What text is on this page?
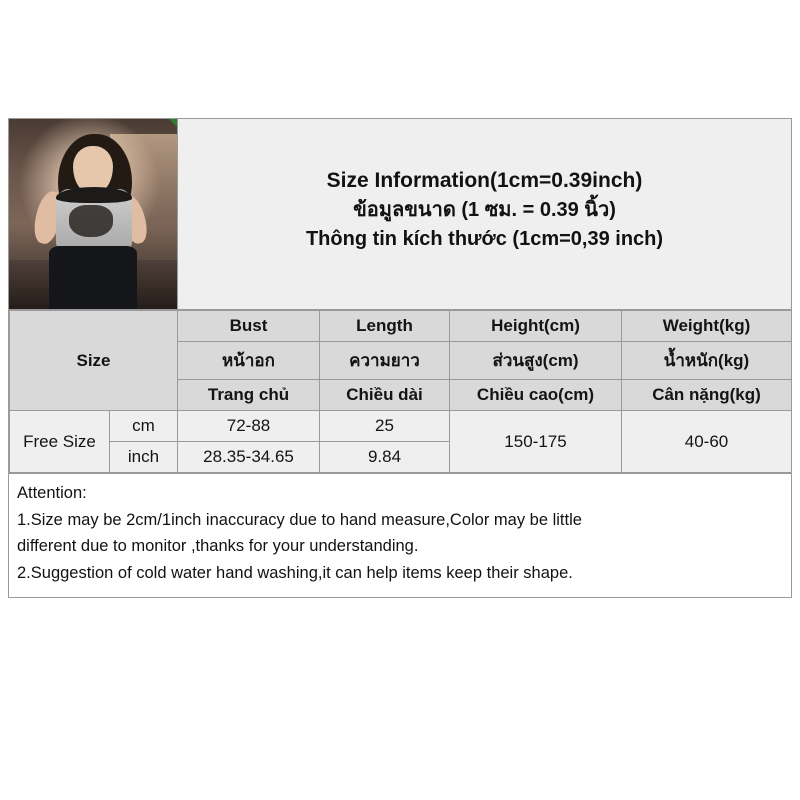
Size Information(1cm=0.39inch)
ข้อมูลขนาด (1 ซม. = 0.39 นิ้ว)
Thông tin kích thước (1cm=0,39 inch)
Size		Bust	Length	Height(cm)	Weight(kg)
		หน้าอก	ความยาว	ส่วนสูง(cm)	น้ำหนัก(kg)
		Trang chủ	Chiều dài	Chiều cao(cm)	Cân nặng(kg)
Free Size	cm	72-88	25	150-175	40-60
	inch	28.35-34.65	9.84		
Attention:
1.Size may be 2cm/1inch inaccuracy due to hand measure,Color may be little
different due to monitor ,thanks for your understanding.
2.Suggestion of cold water hand washing,it can help items keep their shape.
